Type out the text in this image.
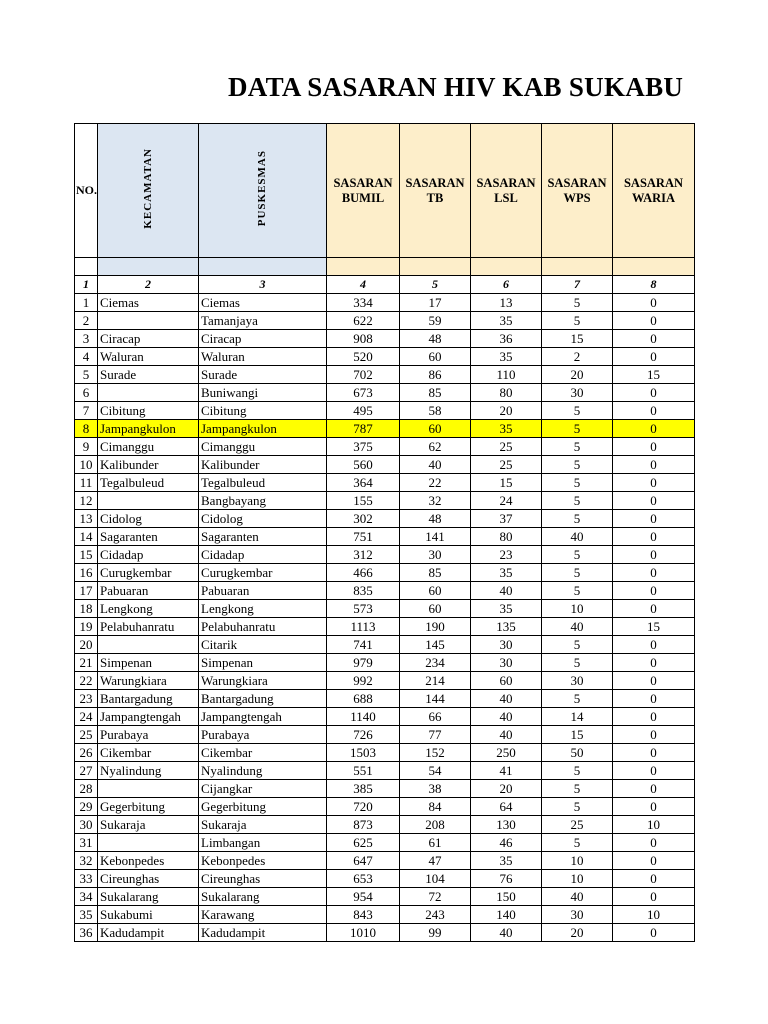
DATA SASARAN HIV KAB SUKABU
NO.	KECAMATAN	PUSKESMAS	SASARAN BUMIL	SASARAN TB	SASARAN LSL	SASARAN WPS	SASARAN WARIA

1	2	3	4	5	6	7	8
1	Ciemas	Ciemas	334	17	13	5	0
2		Tamanjaya	622	59	35	5	0
3	Ciracap	Ciracap	908	48	36	15	0
4	Waluran	Waluran	520	60	35	2	0
5	Surade	Surade	702	86	110	20	15
6		Buniwangi	673	85	80	30	0
7	Cibitung	Cibitung	495	58	20	5	0
8	Jampangkulon	Jampangkulon	787	60	35	5	0
9	Cimanggu	Cimanggu	375	62	25	5	0
10	Kalibunder	Kalibunder	560	40	25	5	0
11	Tegalbuleud	Tegalbuleud	364	22	15	5	0
12		Bangbayang	155	32	24	5	0
13	Cidolog	Cidolog	302	48	37	5	0
14	Sagaranten	Sagaranten	751	141	80	40	0
15	Cidadap	Cidadap	312	30	23	5	0
16	Curugkembar	Curugkembar	466	85	35	5	0
17	Pabuaran	Pabuaran	835	60	40	5	0
18	Lengkong	Lengkong	573	60	35	10	0
19	Pelabuhanratu	Pelabuhanratu	1113	190	135	40	15
20		Citarik	741	145	30	5	0
21	Simpenan	Simpenan	979	234	30	5	0
22	Warungkiara	Warungkiara	992	214	60	30	0
23	Bantargadung	Bantargadung	688	144	40	5	0
24	Jampangtengah	Jampangtengah	1140	66	40	14	0
25	Purabaya	Purabaya	726	77	40	15	0
26	Cikembar	Cikembar	1503	152	250	50	0
27	Nyalindung	Nyalindung	551	54	41	5	0
28		Cijangkar	385	38	20	5	0
29	Gegerbitung	Gegerbitung	720	84	64	5	0
30	Sukaraja	Sukaraja	873	208	130	25	10
31		Limbangan	625	61	46	5	0
32	Kebonpedes	Kebonpedes	647	47	35	10	0
33	Cireunghas	Cireunghas	653	104	76	10	0
34	Sukalarang	Sukalarang	954	72	150	40	0
35	Sukabumi	Karawang	843	243	140	30	10
36	Kadudampit	Kadudampit	1010	99	40	20	0
